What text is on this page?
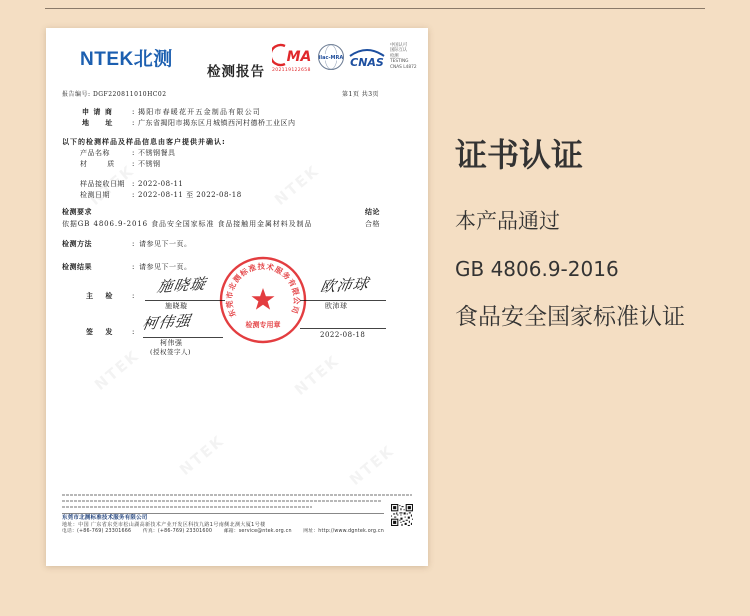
NTEK北测
检测报告
MA
202119122658
ilac-MRA CNAS
中国认可
国际互认
检测
TESTING
CNAS L4872
报告编号: DGF220811010HC02	第1页 共3页
申 请 商	: 揭阳市春暖花开五金制品有限公司
地 址 : 广东省揭阳市揭东区月城镇西河村德桥工业区内
以下的检测样品及样品信息由客户提供并确认:
产品名称	: 不锈钢餐具
材 质 : 不锈钢
样品接收日期 : 2022-08-11
检测日期	: 2022-08-11 至 2022-08-18
检测要求	结论
依据GB 4806.9-2016 食品安全国家标准 食品接触用金属材料及制品	合格
检测方法	: 请参见下一页。
检测结果	: 请参见下一页。
主 检 :
施晓璇
施晓璇
欧沛球
欧沛球
签 发 : 柯伟强
柯伟强
(授权签字人)
2022-08-18
东莞市北测标准技术服务有限公司
检测专用章
东莞市北测标准技术服务有限公司
地址：中国 广东省东莞市松山湖高新技术产业开发区科技九路1号南侧北测大厦1号楼
电话：(+86-769) 23301666 传真：(+86-769) 23301600 邮箱：service@ntek.org.cn 网址：http://www.dgntek.org.cn
证书认证
本产品通过
GB 4806.9-2016
食品安全国家标准认证
